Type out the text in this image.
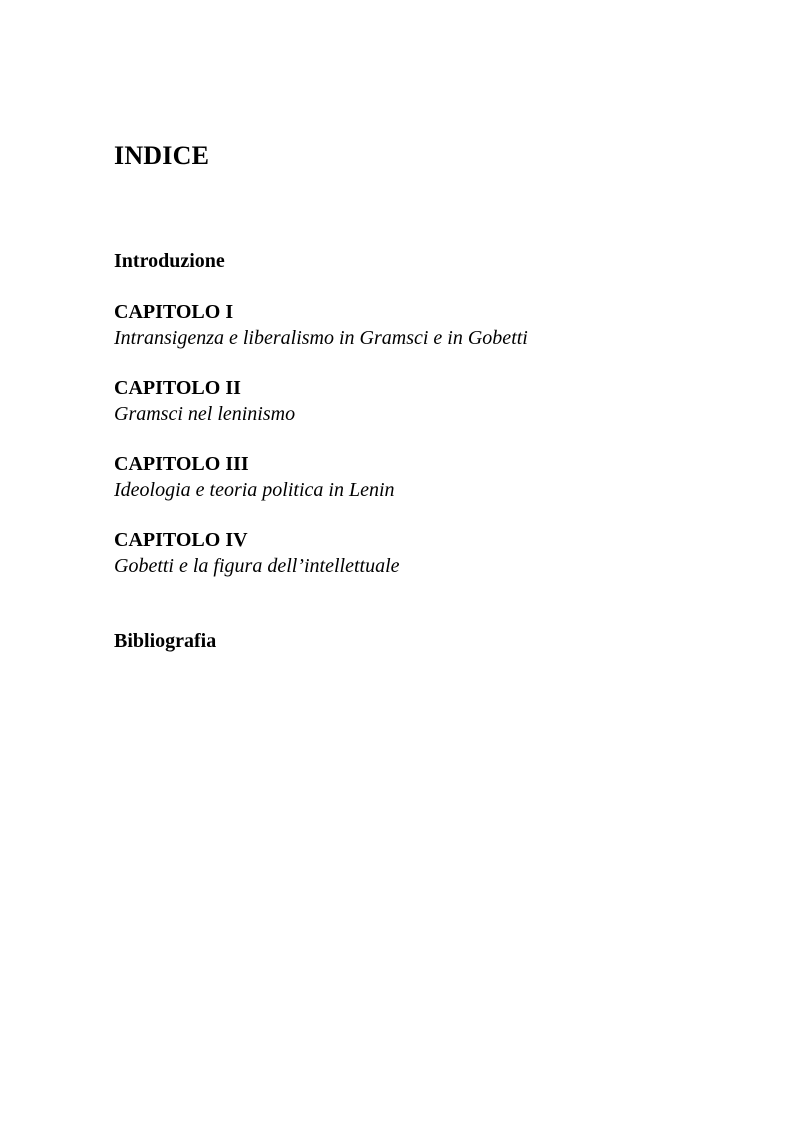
INDICE
Introduzione
CAPITOLO I
Intransigenza e liberalismo in Gramsci e in Gobetti
CAPITOLO II
Gramsci nel leninismo
CAPITOLO III
Ideologia e teoria politica in Lenin
CAPITOLO IV
Gobetti e la figura dell’intellettuale
Bibliografia
